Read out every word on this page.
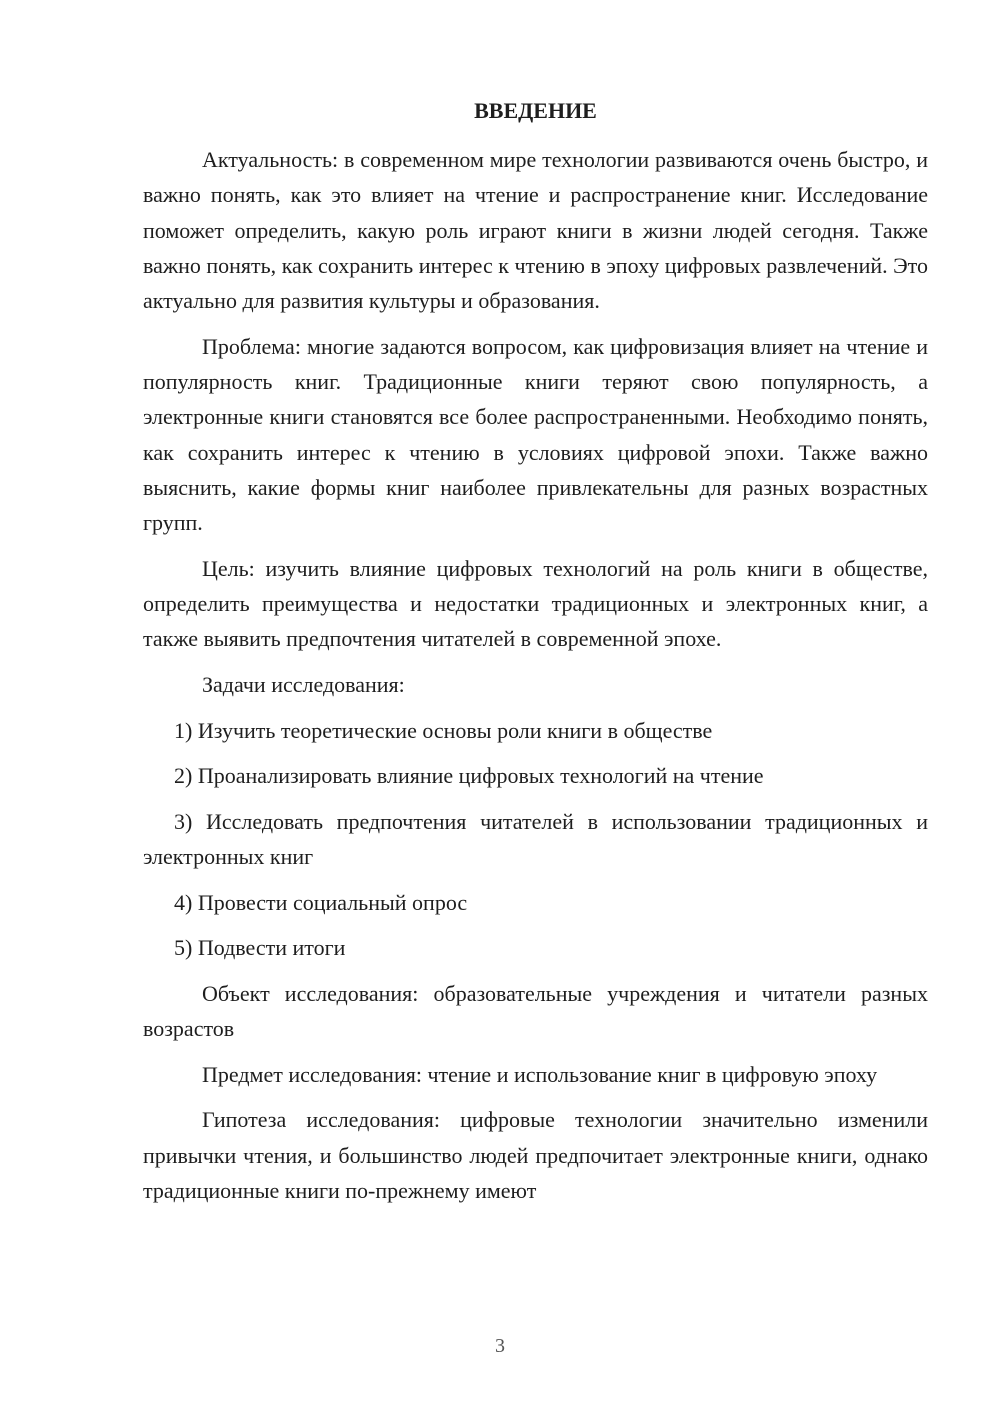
ВВЕДЕНИЕ

Актуальность: в современном мире технологии развиваются очень быстро, и важно понять, как это влияет на чтение и распространение книг. Исследование поможет определить, какую роль играют книги в жизни людей сегодня. Также важно понять, как сохранить интерес к чтению в эпоху цифровых развлечений. Это актуально для развития культуры и образования.

Проблема: многие задаются вопросом, как цифровизация влияет на чтение и популярность книг. Традиционные книги теряют свою популярность, а электронные книги становятся все более распространенными. Необходимо понять, как сохранить интерес к чтению в условиях цифровой эпохи. Также важно выяснить, какие формы книг наиболее привлекательны для разных возрастных групп.

Цель: изучить влияние цифровых технологий на роль книги в обществе, определить преимущества и недостатки традиционных и электронных книг, а также выявить предпочтения читателей в современной эпохе.

Задачи исследования:

1) Изучить теоретические основы роли книги в обществе

2) Проанализировать влияние цифровых технологий на чтение

3) Исследовать предпочтения читателей в использовании традиционных и электронных книг

4) Провести социальный опрос

5) Подвести итоги

Объект исследования: образовательные учреждения и читатели разных возрастов

Предмет исследования: чтение и использование книг в цифровую эпоху

Гипотеза исследования: цифровые технологии значительно изменили привычки чтения, и большинство людей предпочитает электронные книги, однако традиционные книги по-прежнему имеют

3
